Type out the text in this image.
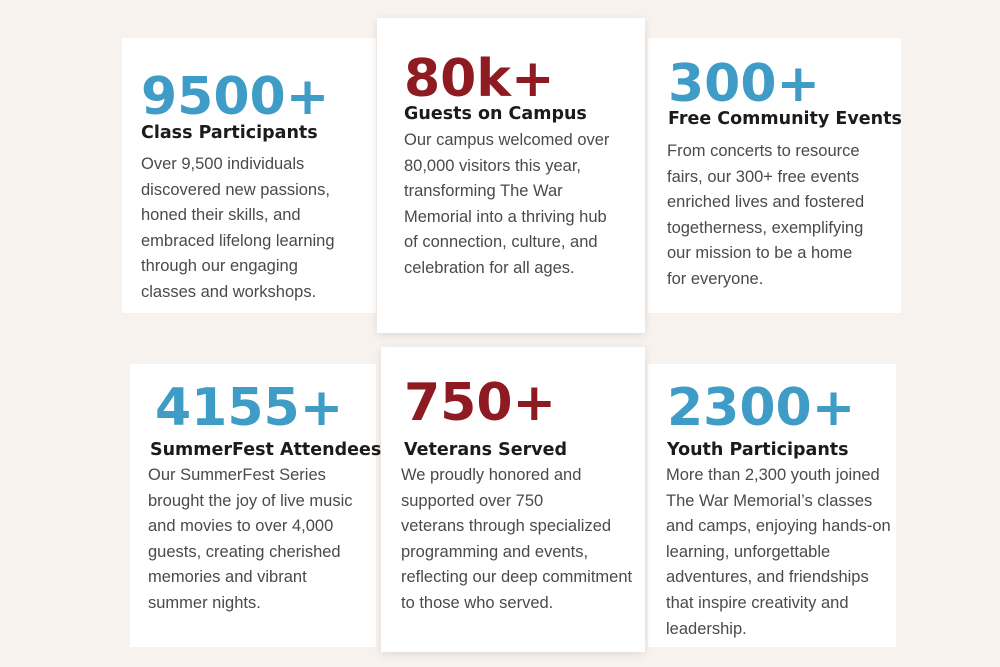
9500+
Class Participants
Over 9,500 individuals
discovered new passions,
honed their skills, and
embraced lifelong learning
through our engaging
classes and workshops.
80k+
Guests on Campus
Our campus welcomed over
80,000 visitors this year,
transforming The War
Memorial into a thriving hub
of connection, culture, and
celebration for all ages.
300+
Free Community Events
From concerts to resource
fairs, our 300+ free events
enriched lives and fostered
togetherness, exemplifying
our mission to be a home
for everyone.
4155+
SummerFest Attendees
Our SummerFest Series
brought the joy of live music
and movies to over 4,000
guests, creating cherished
memories and vibrant
summer nights.
750+
Veterans Served
We proudly honored and
supported over 750
veterans through specialized
programming and events,
reflecting our deep commitment
to those who served.
2300+
Youth Participants
More than 2,300 youth joined
The War Memorial’s classes
and camps, enjoying hands-on
learning, unforgettable
adventures, and friendships
that inspire creativity and
leadership.
